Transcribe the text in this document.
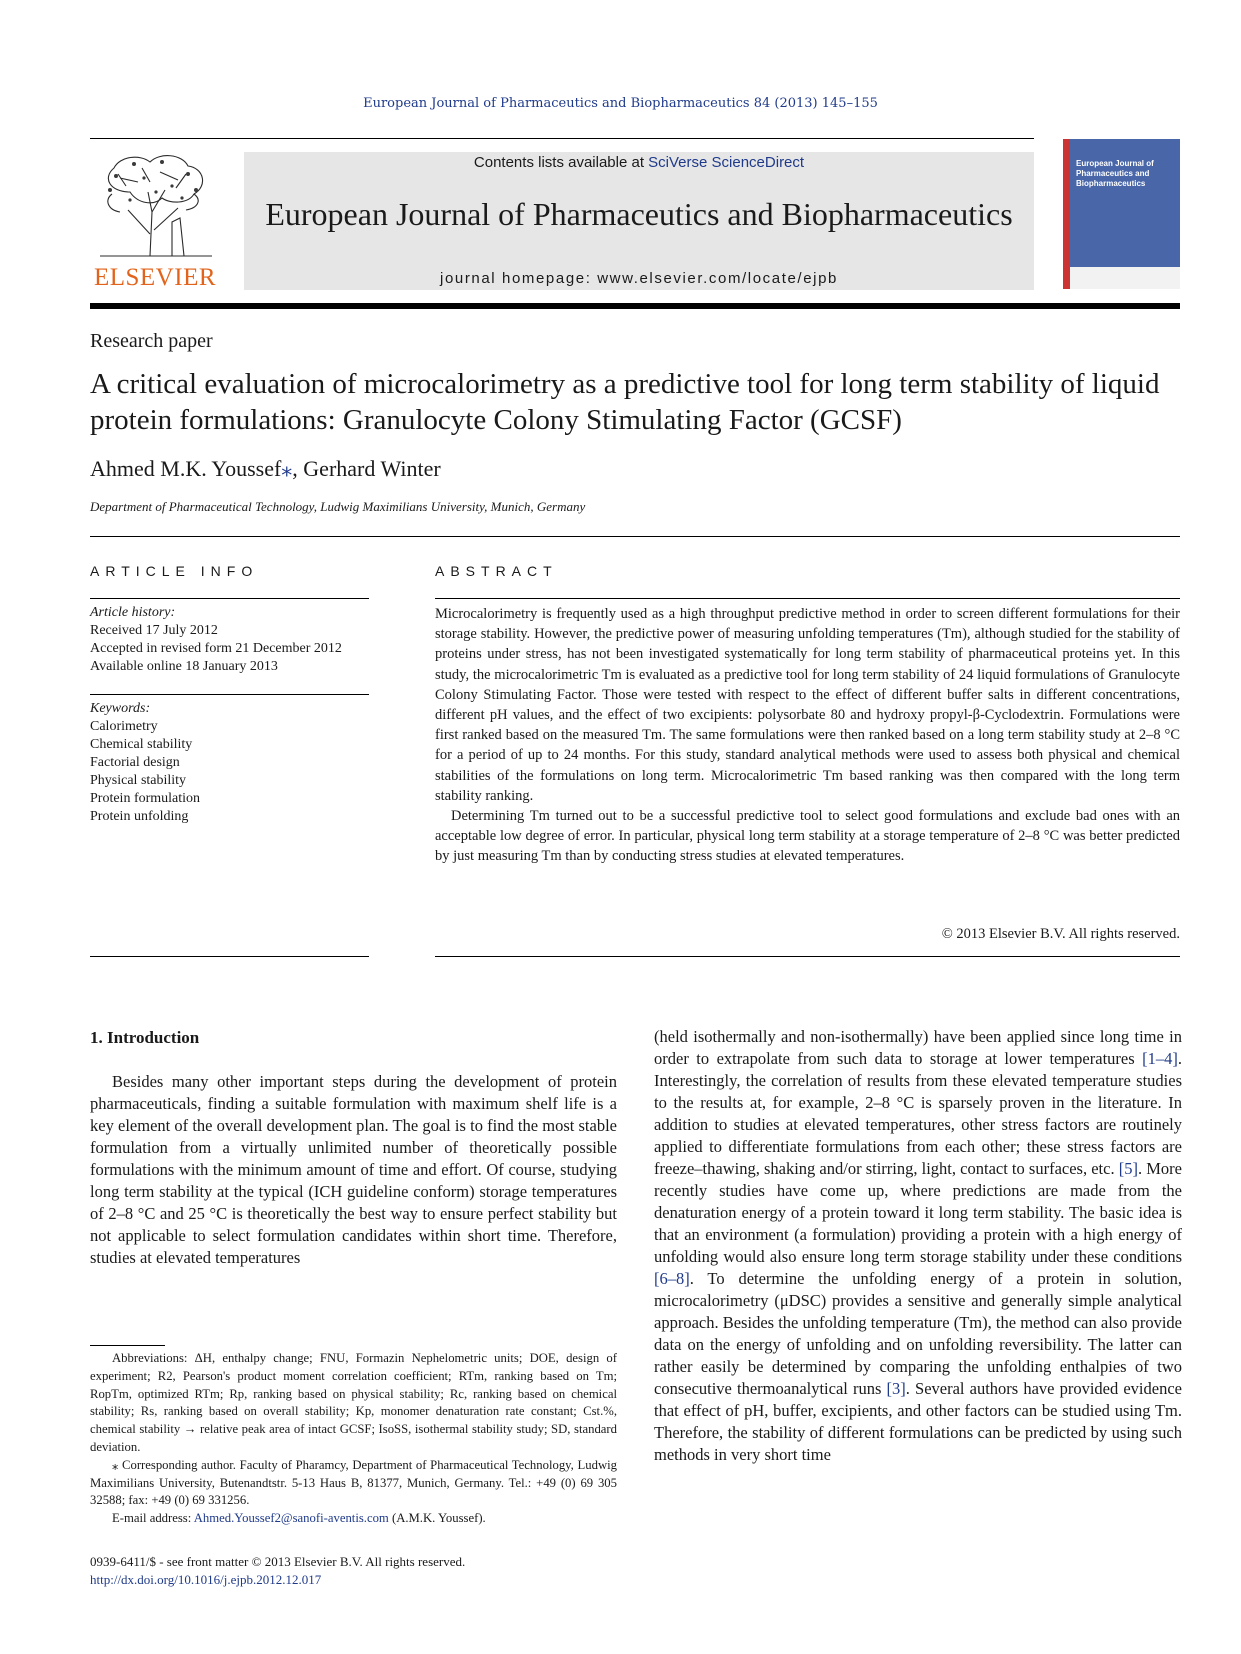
European Journal of Pharmaceutics and Biopharmaceutics 84 (2013) 145–155
ELSEVIER
Contents lists available at SciVerse ScienceDirect
European Journal of Pharmaceutics and Biopharmaceutics
journal homepage: www.elsevier.com/locate/ejpb
European Journal of Pharmaceutics and Biopharmaceutics
Research paper
A critical evaluation of microcalorimetry as a predictive tool for long term stability of liquid protein formulations: Granulocyte Colony Stimulating Factor (GCSF)
Ahmed M.K. Youssef⁎, Gerhard Winter
Department of Pharmaceutical Technology, Ludwig Maximilians University, Munich, Germany
ARTICLE INFO	ABSTRACT
Article history:
Received 17 July 2012
Accepted in revised form 21 December 2012
Available online 18 January 2013
Keywords:
Calorimetry
Chemical stability
Factorial design
Physical stability
Protein formulation
Protein unfolding

Microcalorimetry is frequently used as a high throughput predictive method in order to screen different formulations for their storage stability. However, the predictive power of measuring unfolding temperatures (Tm), although studied for the stability of proteins under stress, has not been investigated systematically for long term stability of pharmaceutical proteins yet. In this study, the microcalorimetric Tm is evaluated as a predictive tool for long term stability of 24 liquid formulations of Granulocyte Colony Stimulating Factor. Those were tested with respect to the effect of different buffer salts in different concentrations, different pH values, and the effect of two excipients: polysorbate 80 and hydroxy propyl-β-Cyclodextrin. Formulations were first ranked based on the measured Tm. The same formulations were then ranked based on a long term stability study at 2–8 °C for a period of up to 24 months. For this study, standard analytical methods were used to assess both physical and chemical stabilities of the formulations on long term. Microcalorimetric Tm based ranking was then compared with the long term stability ranking.

Determining Tm turned out to be a successful predictive tool to select good formulations and exclude bad ones with an acceptable low degree of error. In particular, physical long term stability at a storage temperature of 2–8 °C was better predicted by just measuring Tm than by conducting stress studies at elevated temperatures.

© 2013 Elsevier B.V. All rights reserved.
1. Introduction

Besides many other important steps during the development of protein pharmaceuticals, finding a suitable formulation with maximum shelf life is a key element of the overall development plan. The goal is to find the most stable formulation from a virtually unlimited number of theoretically possible formulations with the minimum amount of time and effort. Of course, studying long term stability at the typical (ICH guideline conform) storage temperatures of 2–8 °C and 25 °C is theoretically the best way to ensure perfect stability but not applicable to select formulation candidates within short time. Therefore, studies at elevated temperatures

(held isothermally and non-isothermally) have been applied since long time in order to extrapolate from such data to storage at lower temperatures [1–4]. Interestingly, the correlation of results from these elevated temperature studies to the results at, for example, 2–8 °C is sparsely proven in the literature. In addition to studies at elevated temperatures, other stress factors are routinely applied to differentiate formulations from each other; these stress factors are freeze–thawing, shaking and/or stirring, light, contact to surfaces, etc. [5]. More recently studies have come up, where predictions are made from the denaturation energy of a protein toward it long term stability. The basic idea is that an environment (a formulation) providing a protein with a high energy of unfolding would also ensure long term storage stability under these conditions [6–8]. To determine the unfolding energy of a protein in solution, microcalorimetry (μDSC) provides a sensitive and generally simple analytical approach. Besides the unfolding temperature (Tm), the method can also provide data on the energy of unfolding and on unfolding reversibility. The latter can rather easily be determined by comparing the unfolding enthalpies of two consecutive thermoanalytical runs [3]. Several authors have provided evidence that effect of pH, buffer, excipients, and other factors can be studied using Tm. Therefore, the stability of different formulations can be predicted by using such methods in very short time

Abbreviations: ΔH, enthalpy change; FNU, Formazin Nephelometric units; DOE, design of experiment; R2, Pearson's product moment correlation coefficient; RTm, ranking based on Tm; RopTm, optimized RTm; Rp, ranking based on physical stability; Rc, ranking based on chemical stability; Rs, ranking based on overall stability; Kp, monomer denaturation rate constant; Cst.%, chemical stability → relative peak area of intact GCSF; IsoSS, isothermal stability study; SD, standard deviation.

⁎ Corresponding author. Faculty of Pharamcy, Department of Pharmaceutical Technology, Ludwig Maximilians University, Butenandtstr. 5-13 Haus B, 81377, Munich, Germany. Tel.: +49 (0) 69 305 32588; fax: +49 (0) 69 331256.

E-mail address: Ahmed.Youssef2@sanofi-aventis.com (A.M.K. Youssef).

0939-6411/$ - see front matter © 2013 Elsevier B.V. All rights reserved.
http://dx.doi.org/10.1016/j.ejpb.2012.12.017
